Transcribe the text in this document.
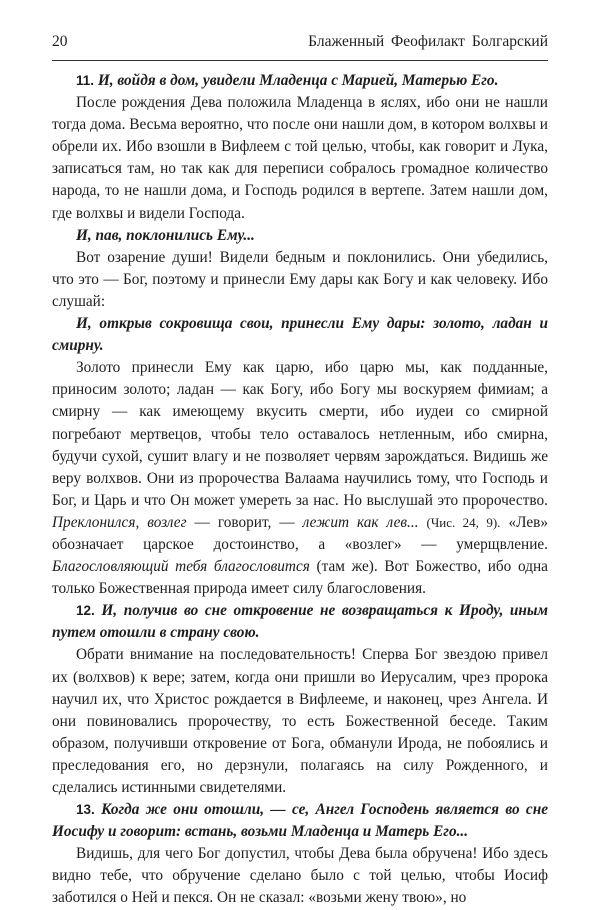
20	Блаженный Феофилакт Болгарский

11. И, войдя в дом, увидели Младенца с Марией, Матерью Его.

После рождения Дева положила Младенца в яслях, ибо они не нашли тогда дома. Весьма вероятно, что после они нашли дом, в котором волхвы и обрели их. Ибо взошли в Вифлеем с той целью, чтобы, как говорит и Лука, записаться там, но так как для переписи собралось громадное количество народа, то не нашли дома, и Господь родился в вертепе. Затем нашли дом, где волхвы и видели Господа.

И, пав, поклонились Ему...

Вот озарение души! Видели бедным и поклонились. Они убедились, что это — Бог, поэтому и принесли Ему дары как Богу и как человеку. Ибо слушай:

И, открыв сокровища свои, принесли Ему дары: золото, ладан и смирну.

Золото принесли Ему как царю, ибо царю мы, как подданные, приносим золото; ладан — как Богу, ибо Богу мы воскуряем фимиам; а смирну — как имеющему вкусить смерти, ибо иудеи со смирной погребают мертвецов, чтобы тело оставалось нетленным, ибо смирна, будучи сухой, сушит влагу и не позволяет червям зарождаться. Видишь же веру волхвов. Они из пророчества Валаама научились тому, что Господь и Бог, и Царь и что Он может умереть за нас. Но выслушай это пророчество. Преклонился, возлег — говорит, — лежит как лев... (Чис. 24, 9). «Лев» обозначает царское достоинство, а «возлег» — умерщвление. Благословляющий тебя благословится (там же). Вот Божество, ибо одна только Божественная природа имеет силу благословения.

12. И, получив во сне откровение не возвращаться к Ироду, иным путем отошли в страну свою.

Обрати внимание на последовательность! Сперва Бог звездою привел их (волхвов) к вере; затем, когда они пришли во Иерусалим, чрез пророка научил их, что Христос рождается в Вифлееме, и наконец, чрез Ангела. И они повиновались пророчеству, то есть Божественной беседе. Таким образом, получивши откровение от Бога, обманули Ирода, не побоялись и преследования его, но дерзнули, полагаясь на силу Рожденного, и сделались истинными свидетелями.

13. Когда же они отошли, — се, Ангел Господень является во сне Иосифу и говорит: встань, возьми Младенца и Матерь Его...

Видишь, для чего Бог допустил, чтобы Дева была обручена! Ибо здесь видно тебе, что обручение сделано было с той целью, чтобы Иосиф заботился о Ней и пекся. Он не сказал: «возьми жену твою», но
